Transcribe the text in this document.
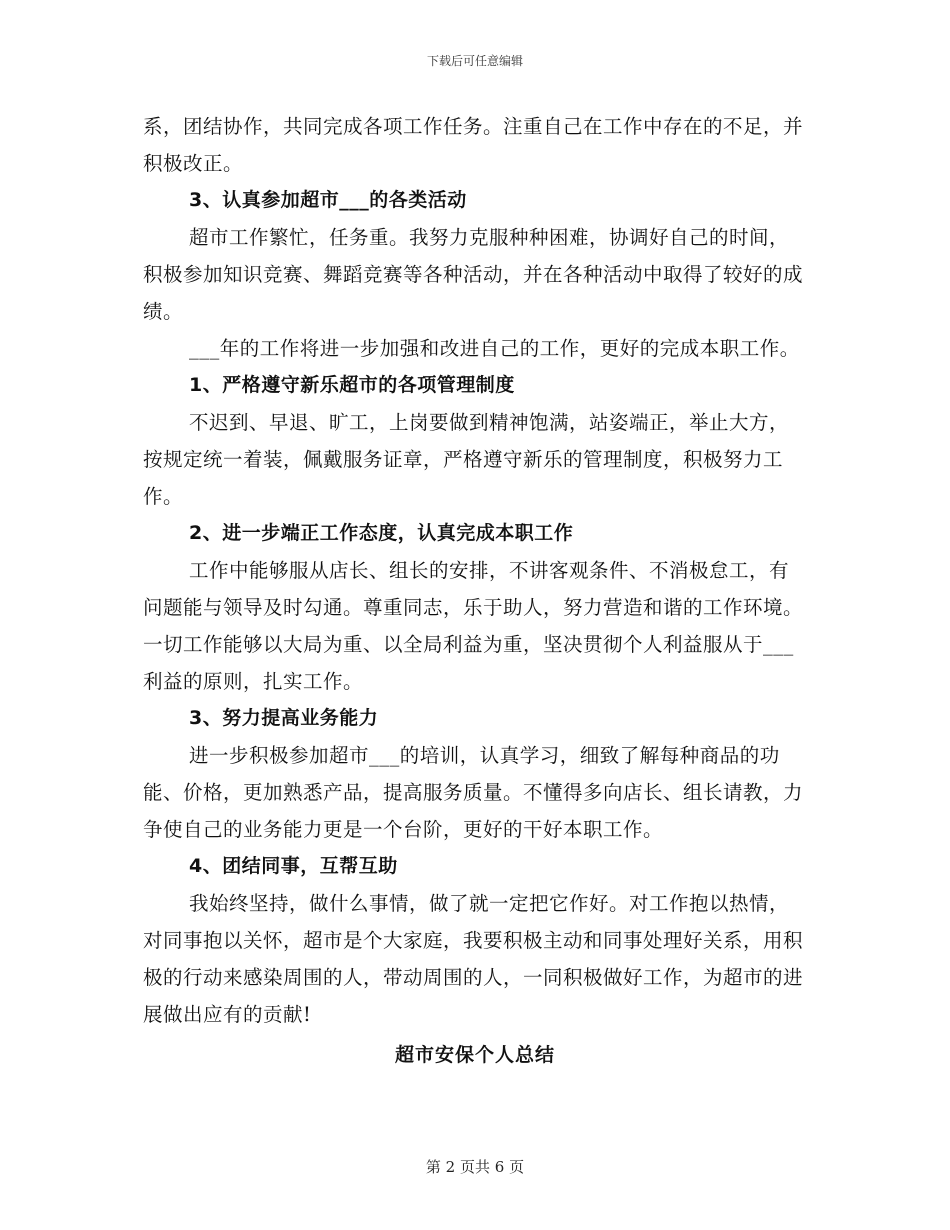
下载后可任意编辑

系，团结协作，共同完成各项工作任务。注重自己在工作中存在的不足，并积极改正。

3、认真参加超市___的各类活动

超市工作繁忙，任务重。我努力克服种种困难，协调好自己的时间，积极参加知识竞赛、舞蹈竞赛等各种活动，并在各种活动中取得了较好的成绩。

___年的工作将进一步加强和改进自己的工作，更好的完成本职工作。

1、严格遵守新乐超市的各项管理制度

不迟到、早退、旷工，上岗要做到精神饱满，站姿端正，举止大方，按规定统一着装，佩戴服务证章，严格遵守新乐的管理制度，积极努力工作。

2、进一步端正工作态度，认真完成本职工作

工作中能够服从店长、组长的安排，不讲客观条件、不消极怠工，有问题能与领导及时勾通。尊重同志，乐于助人，努力营造和谐的工作环境。一切工作能够以大局为重、以全局利益为重，坚决贯彻个人利益服从于___利益的原则，扎实工作。

3、努力提高业务能力

进一步积极参加超市___的培训，认真学习，细致了解每种商品的功能、价格，更加熟悉产品，提高服务质量。不懂得多向店长、组长请教，力争使自己的业务能力更是一个台阶，更好的干好本职工作。

4、团结同事，互帮互助

我始终坚持，做什么事情，做了就一定把它作好。对工作抱以热情，对同事抱以关怀，超市是个大家庭，我要积极主动和同事处理好关系，用积极的行动来感染周围的人，带动周围的人，一同积极做好工作，为超市的进展做出应有的贡献!

超市安保个人总结

第 2 页共 6 页
